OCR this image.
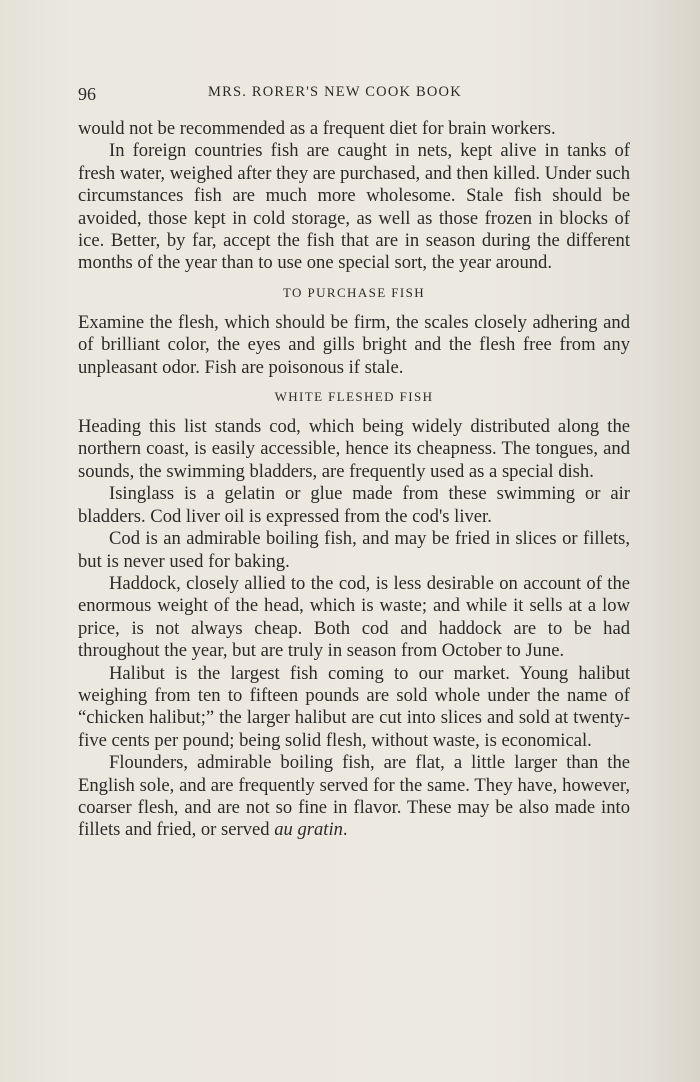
96	MRS. RORER'S NEW COOK BOOK

would not be recommended as a frequent diet for brain workers.

In foreign countries fish are caught in nets, kept alive in tanks of fresh water, weighed after they are purchased, and then killed. Under such circumstances fish are much more wholesome. Stale fish should be avoided, those kept in cold storage, as well as those frozen in blocks of ice. Better, by far, accept the fish that are in season during the different months of the year than to use one special sort, the year around.

TO PURCHASE FISH

Examine the flesh, which should be firm, the scales closely adhering and of brilliant color, the eyes and gills bright and the flesh free from any unpleasant odor. Fish are poisonous if stale.

WHITE FLESHED FISH

Heading this list stands cod, which being widely distributed along the northern coast, is easily accessible, hence its cheapness. The tongues, and sounds, the swimming bladders, are frequently used as a special dish.

Isinglass is a gelatin or glue made from these swimming or air bladders. Cod liver oil is expressed from the cod's liver.

Cod is an admirable boiling fish, and may be fried in slices or fillets, but is never used for baking.

Haddock, closely allied to the cod, is less desirable on account of the enormous weight of the head, which is waste; and while it sells at a low price, is not always cheap. Both cod and haddock are to be had throughout the year, but are truly in season from October to June.

Halibut is the largest fish coming to our market. Young halibut weighing from ten to fifteen pounds are sold whole under the name of “chicken halibut;” the larger halibut are cut into slices and sold at twenty-five cents per pound; being solid flesh, without waste, is economical.

Flounders, admirable boiling fish, are flat, a little larger than the English sole, and are frequently served for the same. They have, however, coarser flesh, and are not so fine in flavor. These may be also made into fillets and fried, or served au gratin.
